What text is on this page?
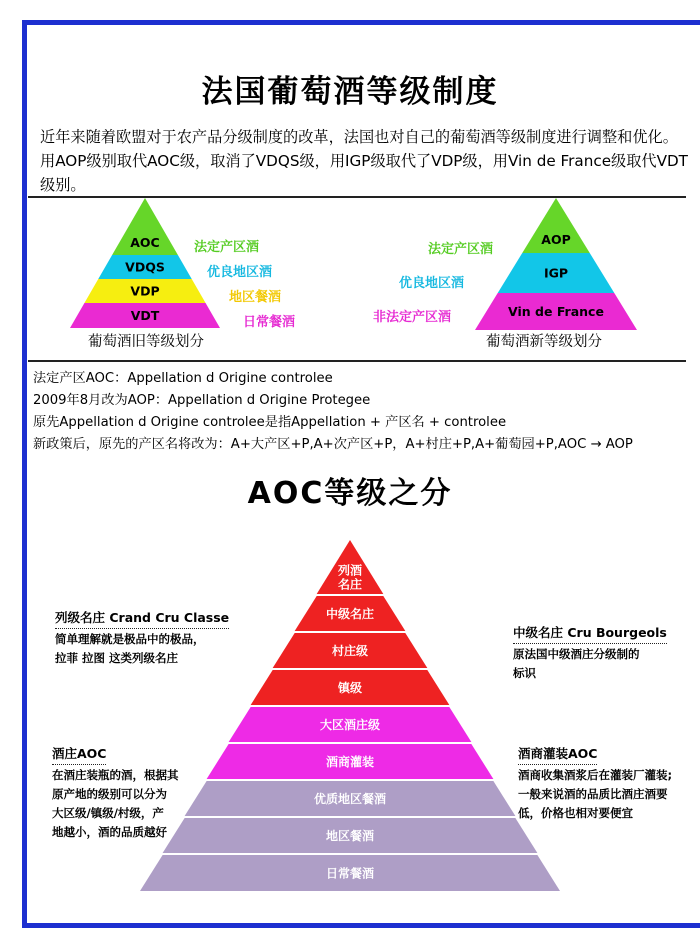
法国葡萄酒等级制度
近年来随着欧盟对于农产品分级制度的改革，法国也对自己的葡萄酒等级制度进行调整和优化。用AOP级别取代AOC级，取消了VDQS级，用IGP级取代了VDP级，用Vin de France级取代VDT级别。
AOC
VDQS
VDP
VDT
法定产区酒
优良地区酒
地区餐酒
日常餐酒
葡萄酒旧等级划分
AOP
IGP
Vin de France
法定产区酒
优良地区酒
非法定产区酒
葡萄酒新等级划分
法定产区AOC：Appellation d Origine controlee
2009年8月改为AOP：Appellation d Origine Protegee
原先Appellation d Origine controlee是指Appellation + 产区名 + controlee
新政策后，原先的产区名将改为：A+大产区+P,A+次产区+P，A+村庄+P,A+葡萄园+P,AOC → AOP
AOC等级之分
列酒
名庄
中级名庄
村庄级
镇级
大区酒庄级
酒商灌装
优质地区餐酒
地区餐酒
日常餐酒
列级名庄 Crand Cru Classe
简单理解就是极品中的极品，
拉菲 拉图 这类列级名庄
中级名庄 Cru Bourgeols
原法国中级酒庄分级制的
标识
酒庄AOC
在酒庄装瓶的酒，根据其
原产地的级别可以分为
大区级/镇级/村级，产
地越小，酒的品质越好
酒商灌装AOC
酒商收集酒浆后在灌装厂灌装;
一般来说酒的品质比酒庄酒要
低，价格也相对要便宜
